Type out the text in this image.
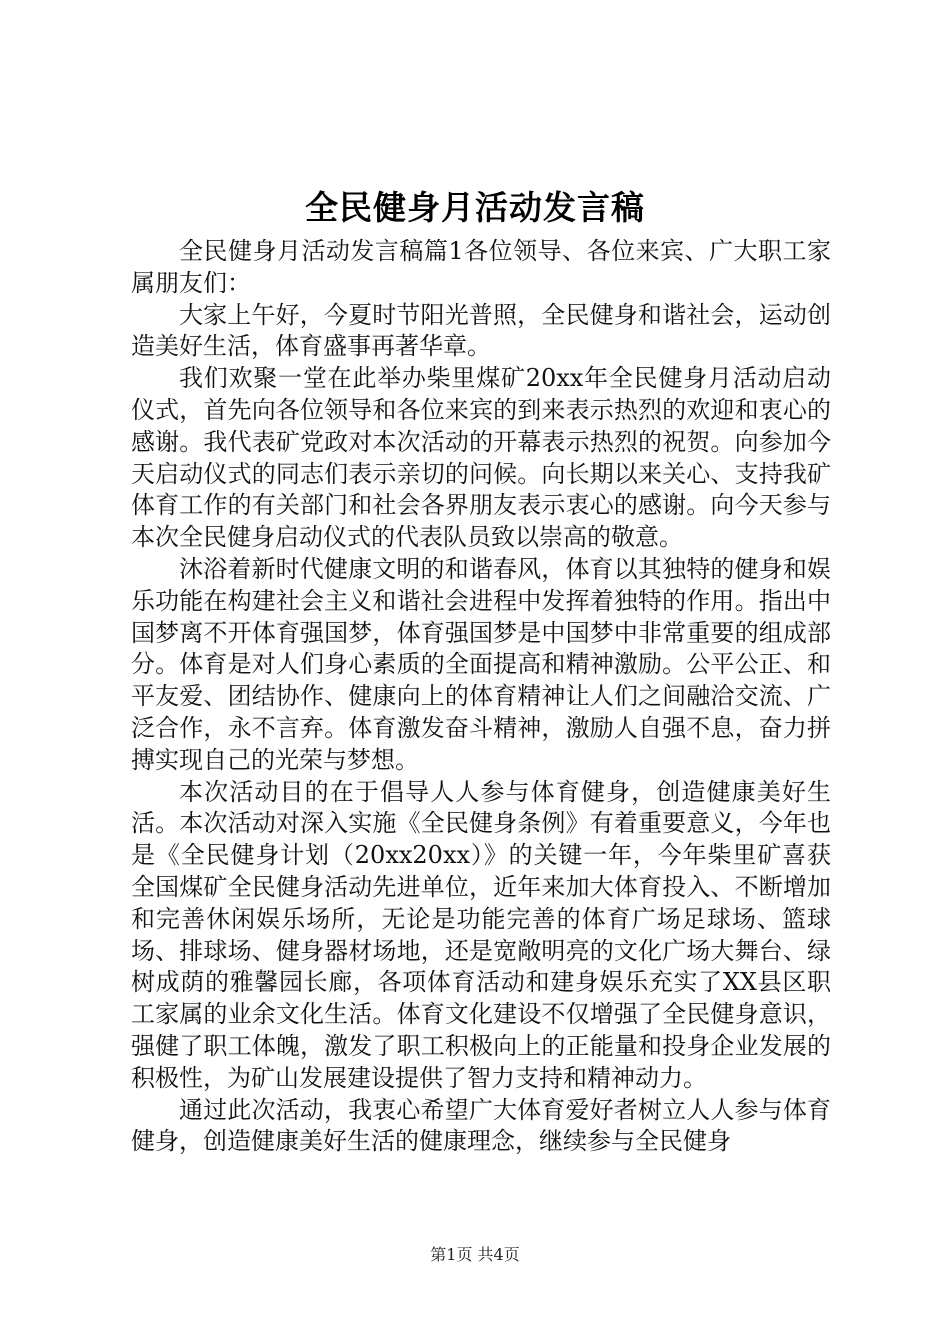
全民健身月活动发言稿

全民健身月活动发言稿篇1各位领导、各位来宾、广大职工家属朋友们：

大家上午好，今夏时节阳光普照，全民健身和谐社会，运动创造美好生活，体育盛事再著华章。

我们欢聚一堂在此举办柴里煤矿20xx年全民健身月活动启动仪式，首先向各位领导和各位来宾的到来表示热烈的欢迎和衷心的感谢。我代表矿党政对本次活动的开幕表示热烈的祝贺。向参加今天启动仪式的同志们表示亲切的问候。向长期以来关心、支持我矿体育工作的有关部门和社会各界朋友表示衷心的感谢。向今天参与本次全民健身启动仪式的代表队员致以崇高的敬意。

沐浴着新时代健康文明的和谐春风，体育以其独特的健身和娱乐功能在构建社会主义和谐社会进程中发挥着独特的作用。指出中国梦离不开体育强国梦，体育强国梦是中国梦中非常重要的组成部分。体育是对人们身心素质的全面提高和精神激励。公平公正、和平友爱、团结协作、健康向上的体育精神让人们之间融洽交流、广泛合作，永不言弃。体育激发奋斗精神，激励人自强不息，奋力拼搏实现自己的光荣与梦想。

本次活动目的在于倡导人人参与体育健身，创造健康美好生活。本次活动对深入实施《全民健身条例》有着重要意义，今年也是《全民健身计划（20xx20xx）》的关键一年，今年柴里矿喜获全国煤矿全民健身活动先进单位，近年来加大体育投入、不断增加和完善休闲娱乐场所，无论是功能完善的体育广场足球场、篮球场、排球场、健身器材场地，还是宽敞明亮的文化广场大舞台、绿树成荫的雅馨园长廊，各项体育活动和建身娱乐充实了XX县区职工家属的业余文化生活。体育文化建设不仅增强了全民健身意识，强健了职工体魄，激发了职工积极向上的正能量和投身企业发展的积极性，为矿山发展建设提供了智力支持和精神动力。

通过此次活动，我衷心希望广大体育爱好者树立人人参与体育健身，创造健康美好生活的健康理念，继续参与全民健身

第1页 共4页
